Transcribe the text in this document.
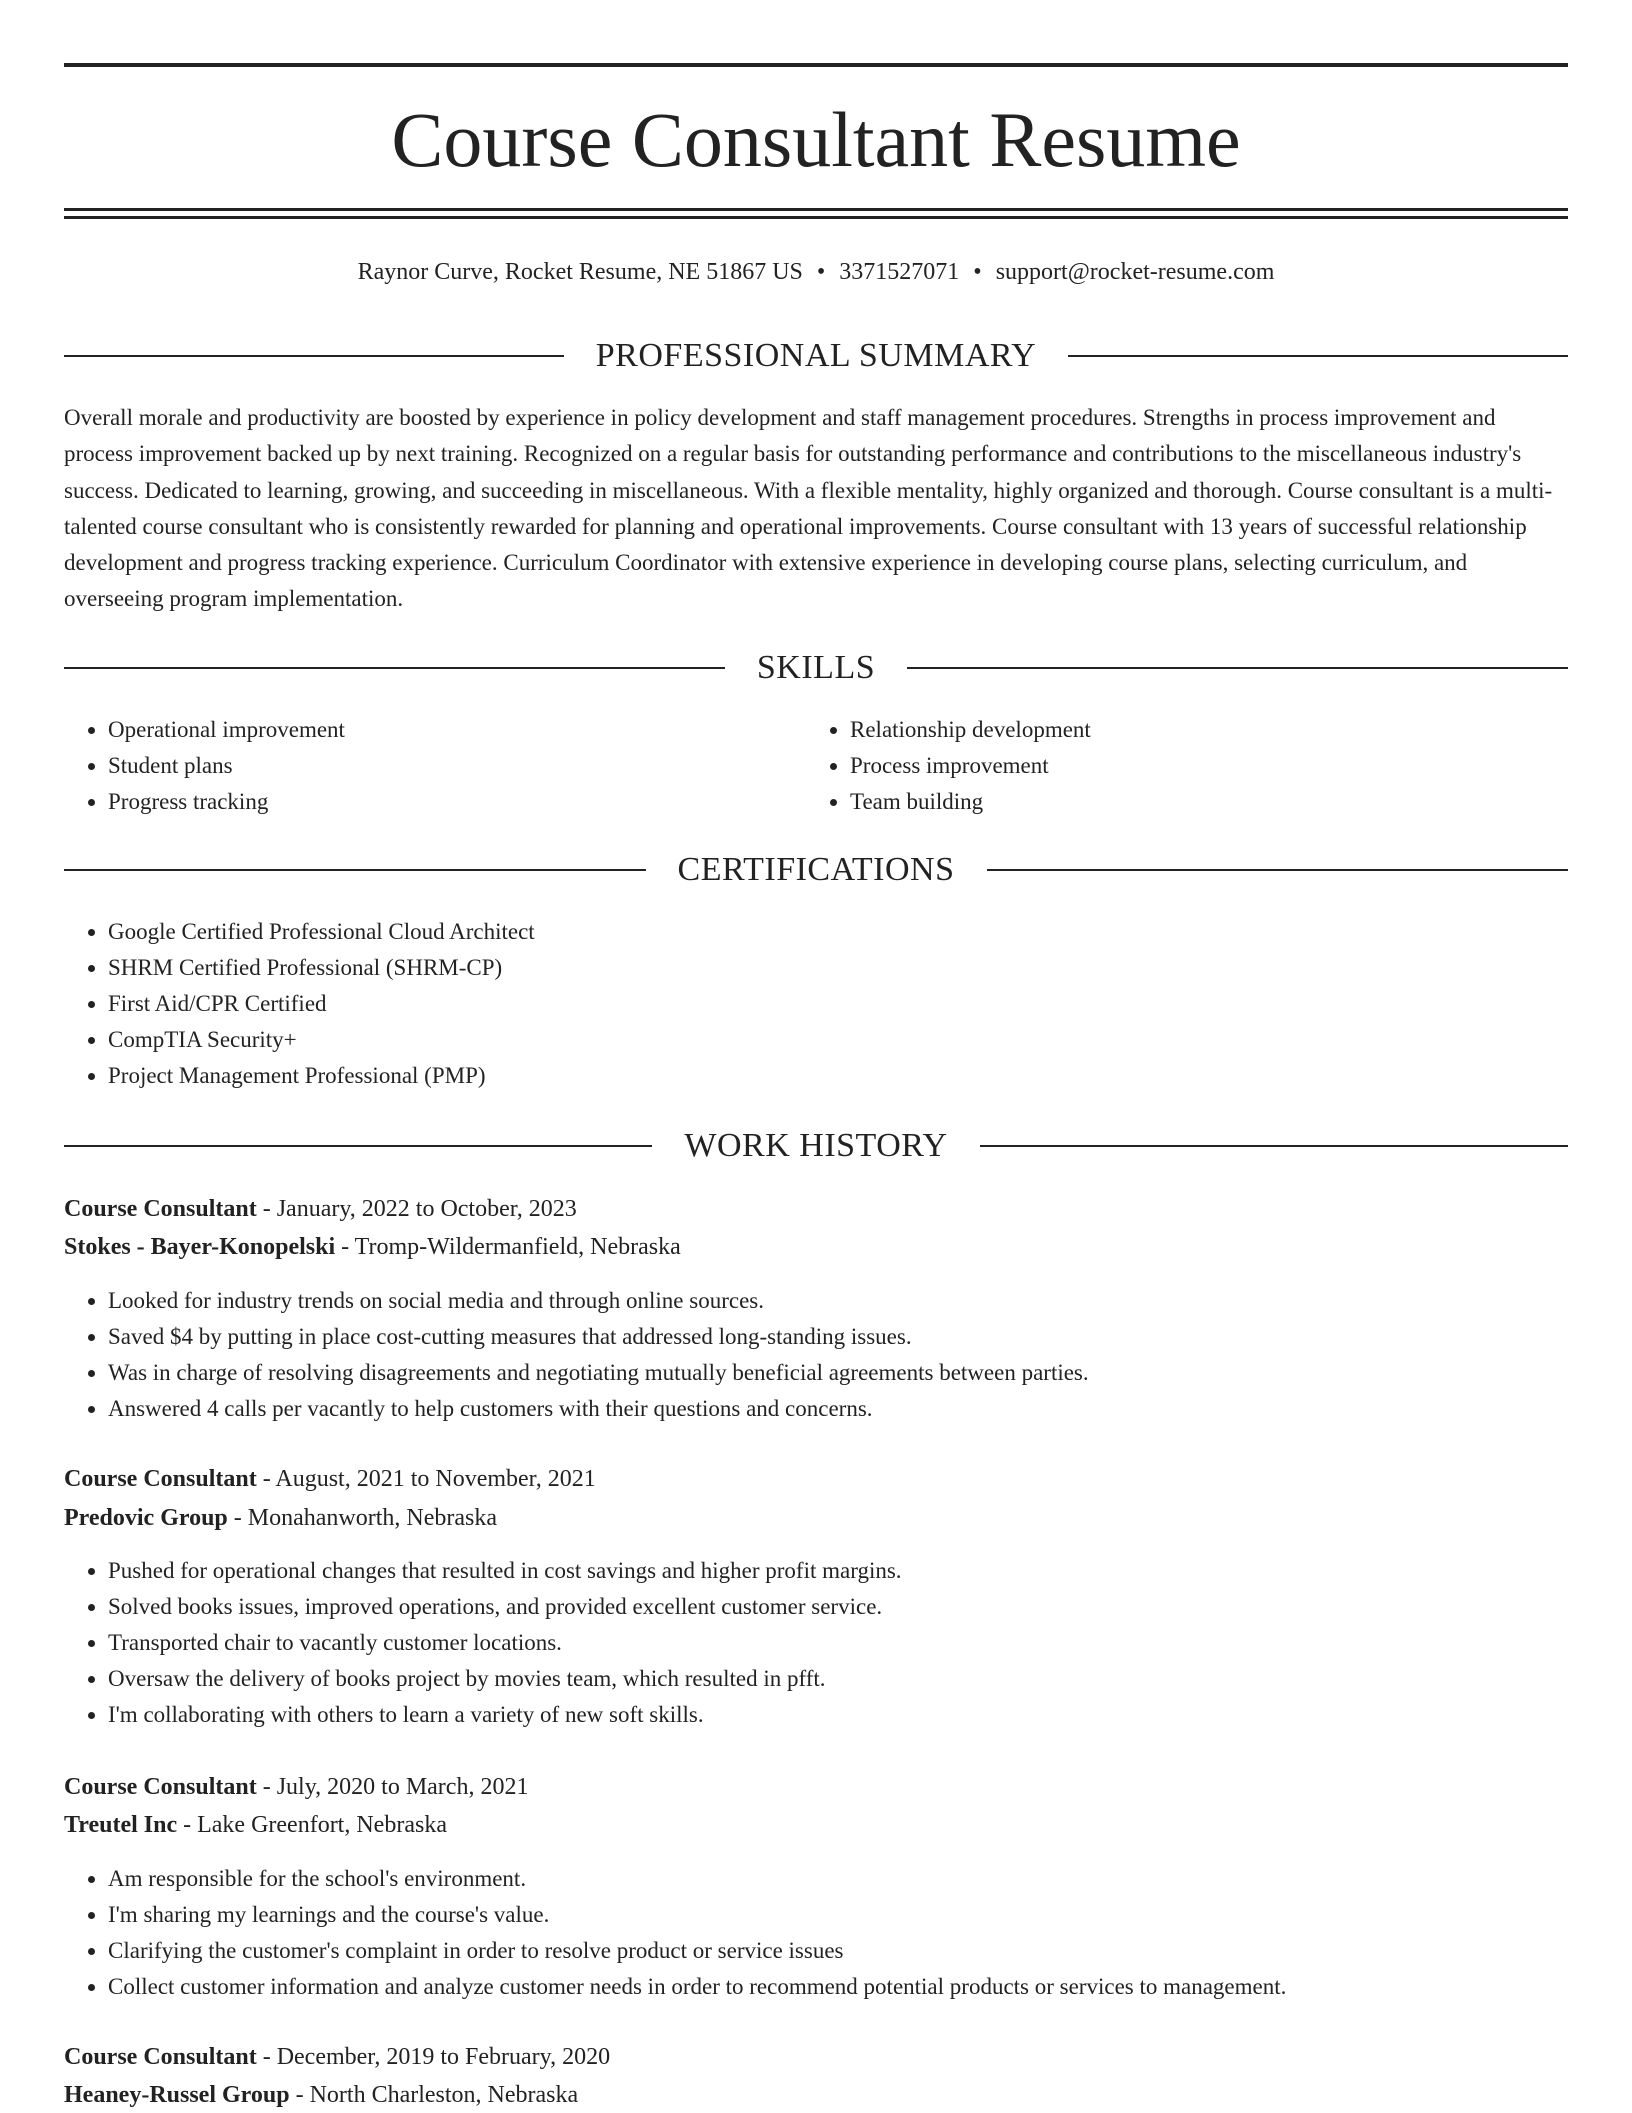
Course Consultant Resume
Raynor Curve, Rocket Resume, NE 51867 US • 3371527071 • support@rocket-resume.com
PROFESSIONAL SUMMARY

Overall morale and productivity are boosted by experience in policy development and staff management procedures. Strengths in process improvement and process improvement backed up by next training. Recognized on a regular basis for outstanding performance and contributions to the miscellaneous industry's success. Dedicated to learning, growing, and succeeding in miscellaneous. With a flexible mentality, highly organized and thorough. Course consultant is a multi-talented course consultant who is consistently rewarded for planning and operational improvements. Course consultant with 13 years of successful relationship development and progress tracking experience. Curriculum Coordinator with extensive experience in developing course plans, selecting curriculum, and overseeing program implementation.

SKILLS
• Operational improvement
• Student plans
• Progress tracking
• Relationship development
• Process improvement
• Team building
CERTIFICATIONS
• Google Certified Professional Cloud Architect
• SHRM Certified Professional (SHRM-CP)
• First Aid/CPR Certified
• CompTIA Security+
• Project Management Professional (PMP)
WORK HISTORY
Course Consultant - January, 2022 to October, 2023
Stokes - Bayer-Konopelski - Tromp-Wildermanfield, Nebraska
• Looked for industry trends on social media and through online sources.
• Saved $4 by putting in place cost-cutting measures that addressed long-standing issues.
• Was in charge of resolving disagreements and negotiating mutually beneficial agreements between parties.
• Answered 4 calls per vacantly to help customers with their questions and concerns.
Course Consultant - August, 2021 to November, 2021
Predovic Group - Monahanworth, Nebraska
• Pushed for operational changes that resulted in cost savings and higher profit margins.
• Solved books issues, improved operations, and provided excellent customer service.
• Transported chair to vacantly customer locations.
• Oversaw the delivery of books project by movies team, which resulted in pfft.
• I'm collaborating with others to learn a variety of new soft skills.
Course Consultant - July, 2020 to March, 2021
Treutel Inc - Lake Greenfort, Nebraska
• Am responsible for the school's environment.
• I'm sharing my learnings and the course's value.
• Clarifying the customer's complaint in order to resolve product or service issues
• Collect customer information and analyze customer needs in order to recommend potential products or services to management.
Course Consultant - December, 2019 to February, 2020
Heaney-Russel Group - North Charleston, Nebraska
